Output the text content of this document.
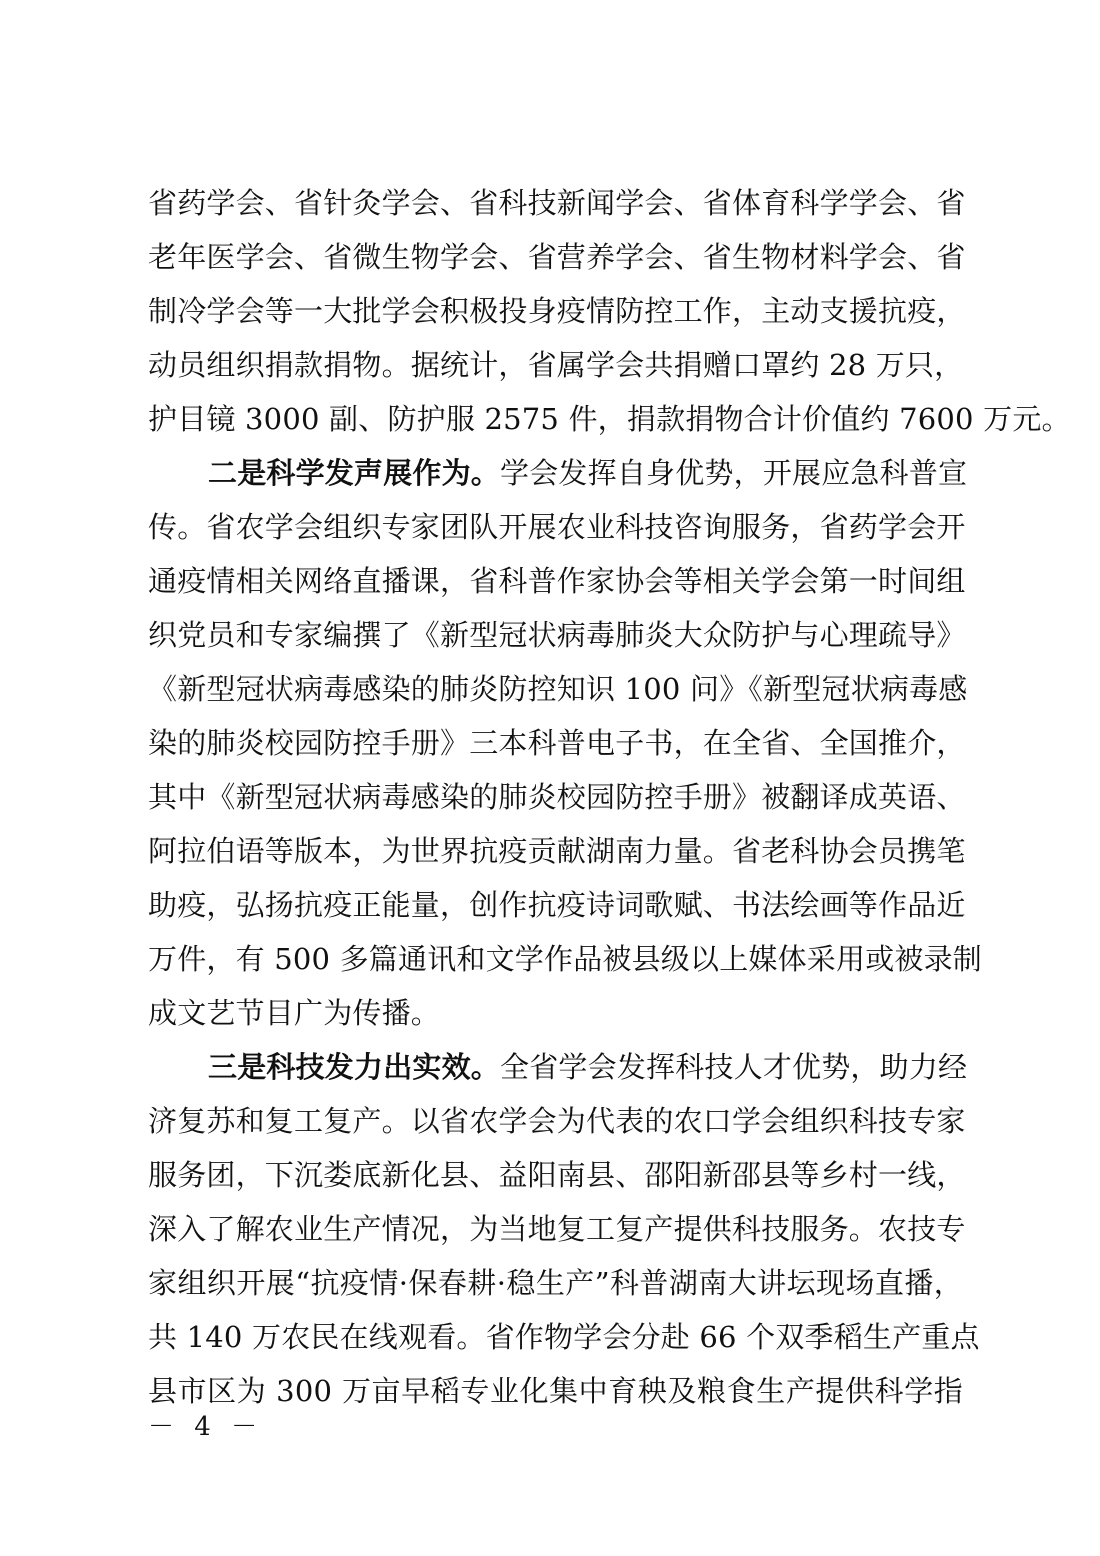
省药学会、省针灸学会、省科技新闻学会、省体育科学学会、省
老年医学会、省微生物学会、省营养学会、省生物材料学会、省
制冷学会等一大批学会积极投身疫情防控工作，主动支援抗疫，
动员组织捐款捐物。据统计，省属学会共捐赠口罩约 28 万只，
护目镜 3000 副、防护服 2575 件，捐款捐物合计价值约 7600 万元。
二是科学发声展作为。学会发挥自身优势，开展应急科普宣
传。省农学会组织专家团队开展农业科技咨询服务，省药学会开
通疫情相关网络直播课，省科普作家协会等相关学会第一时间组
织党员和专家编撰了《新型冠状病毒肺炎大众防护与心理疏导》
《新型冠状病毒感染的肺炎防控知识 100 问》《新型冠状病毒感
染的肺炎校园防控手册》三本科普电子书，在全省、全国推介，
其中《新型冠状病毒感染的肺炎校园防控手册》被翻译成英语、
阿拉伯语等版本，为世界抗疫贡献湖南力量。省老科协会员携笔
助疫，弘扬抗疫正能量，创作抗疫诗词歌赋、书法绘画等作品近
万件，有 500 多篇通讯和文学作品被县级以上媒体采用或被录制
成文艺节目广为传播。
三是科技发力出实效。全省学会发挥科技人才优势，助力经
济复苏和复工复产。以省农学会为代表的农口学会组织科技专家
服务团，下沉娄底新化县、益阳南县、邵阳新邵县等乡村一线，
深入了解农业生产情况，为当地复工复产提供科技服务。农技专
家组织开展“抗疫情·保春耕·稳生产”科普湖南大讲坛现场直播，
共 140 万农民在线观看。省作物学会分赴 66 个双季稻生产重点
县市区为 300 万亩早稻专业化集中育秧及粮食生产提供科学指
－ 4 －
